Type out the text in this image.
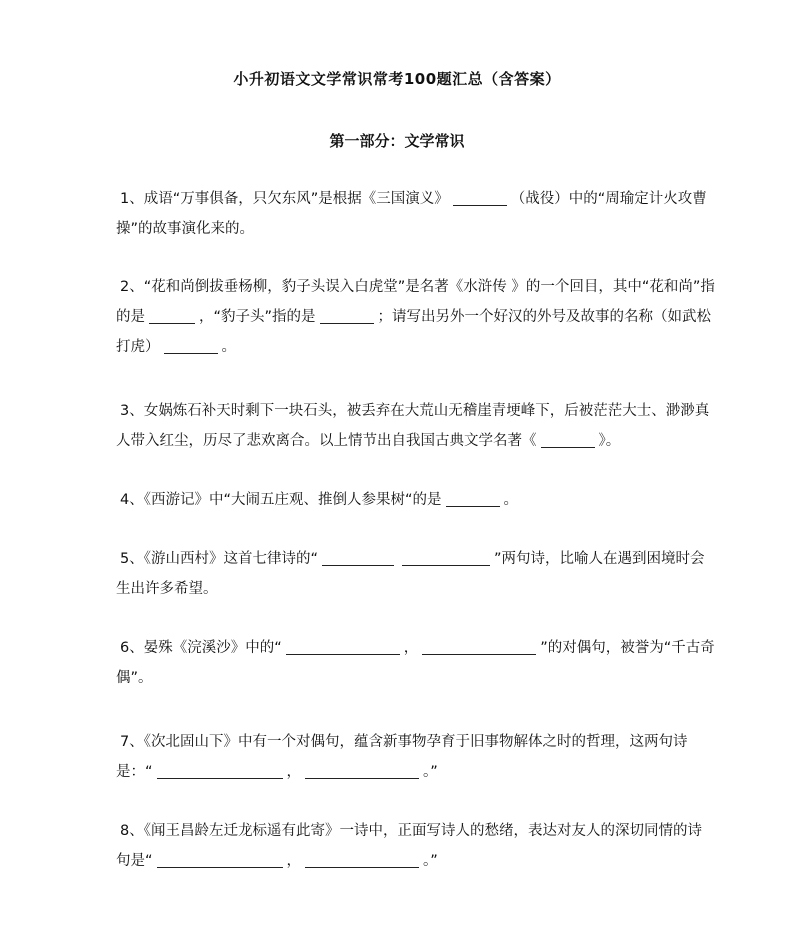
小升初语文文学常识常考100题汇总（含答案）
第一部分：文学常识
1、成语“万事俱备，只欠东风”是根据《三国演义》	（战役）中的“周瑜定计火攻曹操”的故事演化来的。
2、“花和尚倒拔垂杨柳，豹子头误入白虎堂”是名著《水浒传 》的一个回目，其中“花和尚”指的是	，“豹子头”指的是	；请写出另外一个好汉的外号及故事的名称（如武松打虎）	。
3、女娲炼石补天时剩下一块石头，被丢弃在大荒山无稽崖青埂峰下，后被茫茫大士、渺渺真人带入红尘，历尽了悲欢离合。以上情节出自我国古典文学名著《	》。
4、《西游记》中“大闹五庄观、推倒人参果树“的是	。
5、《游山西村》这首七律诗的“	”两句诗，比喻人在遇到困境时会生出许多希望。
6、晏殊《浣溪沙》中的“	，	”的对偶句，被誉为“千古奇偶”。
7、《次北固山下》中有一个对偶句，蕴含新事物孕育于旧事物解体之时的哲理，这两句诗是：“	，	。”
8、《闻王昌龄左迁龙标遥有此寄》一诗中，正面写诗人的愁绪，表达对友人的深切同情的诗句是“	，	。”
